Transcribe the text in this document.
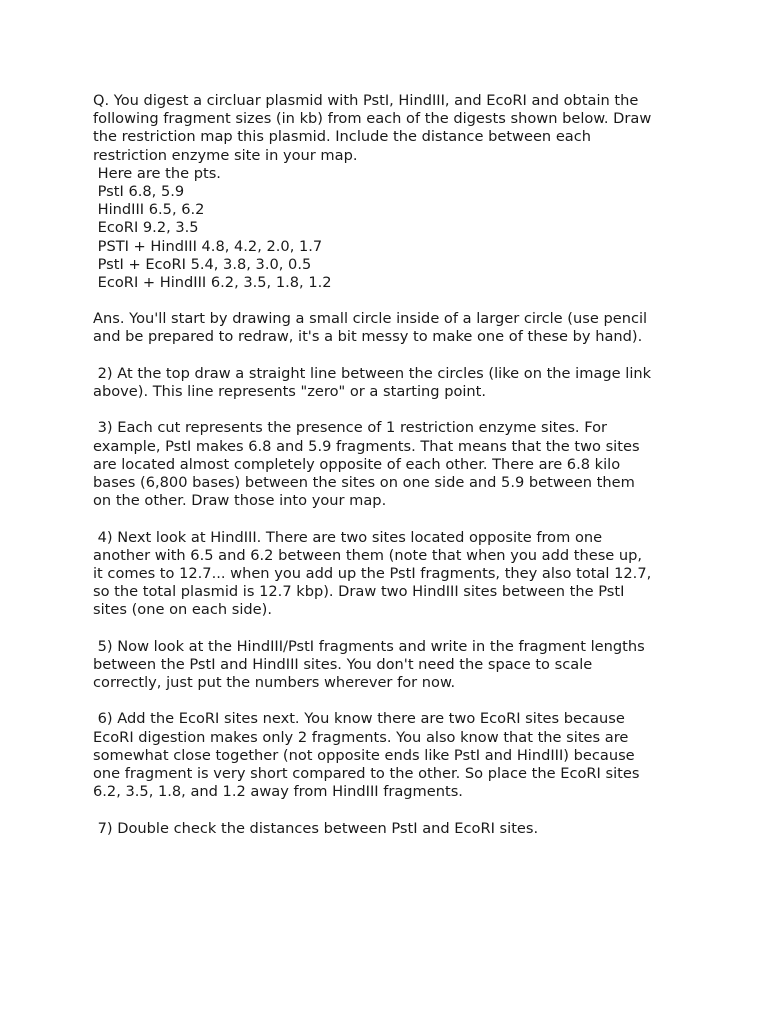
Q. You digest a circluar plasmid with PstI, HindIII, and EcoRI and obtain the
following fragment sizes (in kb) from each of the digests shown below. Draw
the restriction map this plasmid. Include the distance between each
restriction enzyme site in your map.
Here are the pts.
PstI 6.8, 5.9
HindIII 6.5, 6.2
EcoRI 9.2, 3.5
PSTI + HindIII 4.8, 4.2, 2.0, 1.7
PstI + EcoRI 5.4, 3.8, 3.0, 0.5
EcoRI + HindIII 6.2, 3.5, 1.8, 1.2
Ans. You'll start by drawing a small circle inside of a larger circle (use pencil
and be prepared to redraw, it's a bit messy to make one of these by hand).
2) At the top draw a straight line between the circles (like on the image link
above). This line represents "zero" or a starting point.
3) Each cut represents the presence of 1 restriction enzyme sites. For
example, PstI makes 6.8 and 5.9 fragments. That means that the two sites
are located almost completely opposite of each other. There are 6.8 kilo
bases (6,800 bases) between the sites on one side and 5.9 between them
on the other. Draw those into your map.
4) Next look at HindIII. There are two sites located opposite from one
another with 6.5 and 6.2 between them (note that when you add these up,
it comes to 12.7... when you add up the PstI fragments, they also total 12.7,
so the total plasmid is 12.7 kbp). Draw two HindIII sites between the PstI
sites (one on each side).
5) Now look at the HindIII/PstI fragments and write in the fragment lengths
between the PstI and HindIII sites. You don't need the space to scale
correctly, just put the numbers wherever for now.
6) Add the EcoRI sites next. You know there are two EcoRI sites because
EcoRI digestion makes only 2 fragments. You also know that the sites are
somewhat close together (not opposite ends like PstI and HindIII) because
one fragment is very short compared to the other. So place the EcoRI sites
6.2, 3.5, 1.8, and 1.2 away from HindIII fragments.
7) Double check the distances between PstI and EcoRI sites.
